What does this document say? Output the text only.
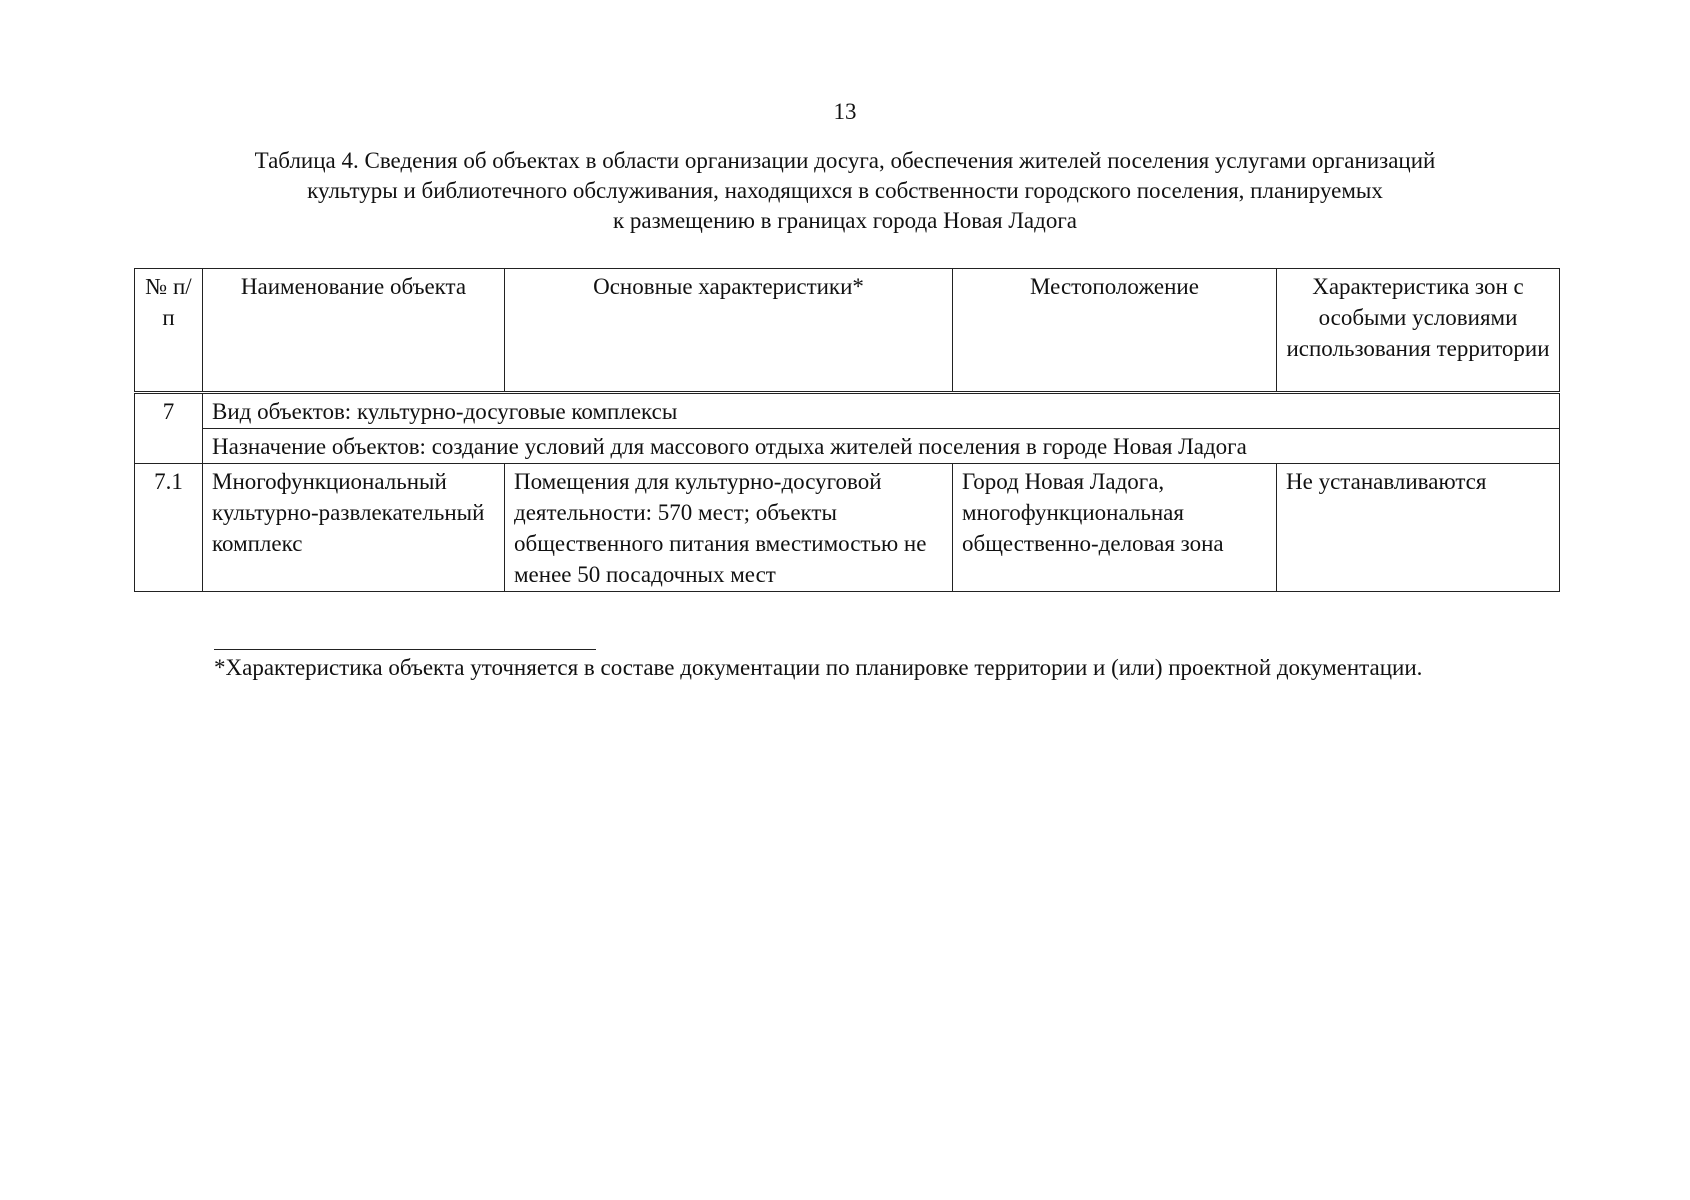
13
Таблица 4. Сведения об объектах в области организации досуга, обеспечения жителей поселения услугами организаций
культуры и библиотечного обслуживания, находящихся в собственности городского поселения, планируемых
к размещению в границах города Новая Ладога
№ п/п	Наименование объекта	Основные характеристики*	Местоположение	Характеристика зон с особыми условиями использования территории
7	Вид объектов: культурно-досуговые комплексы			
	Назначение объектов: создание условий для массового отдыха жителей поселения в городе Новая Ладога			
7.1	Многофункциональный культурно-развлекательный комплекс	Помещения для культурно-досуговой деятельности: 570 мест; объекты общественного питания вместимостью не менее 50 посадочных мест	Город Новая Ладога, многофункциональная общественно-деловая зона	Не устанавливаются
*Характеристика объекта уточняется в составе документации по планировке территории и (или) проектной документации.
